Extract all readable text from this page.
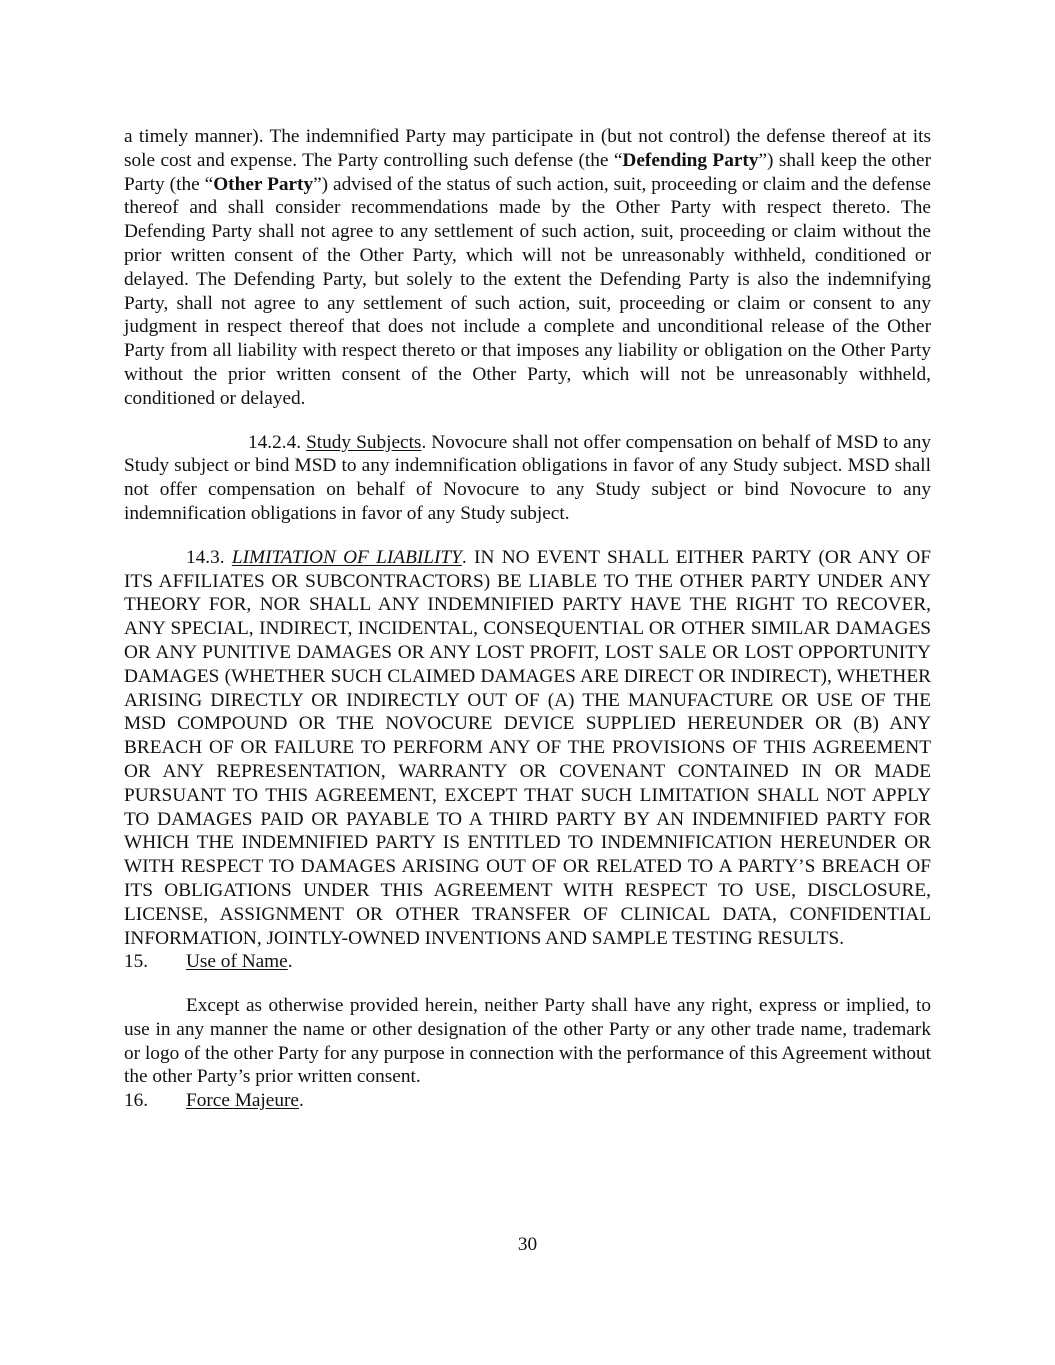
a timely manner). The indemnified Party may participate in (but not control) the defense thereof at its sole cost and expense. The Party controlling such defense (the “Defending Party”) shall keep the other Party (the “Other Party”) advised of the status of such action, suit, proceeding or claim and the defense thereof and shall consider recommendations made by the Other Party with respect thereto. The Defending Party shall not agree to any settlement of such action, suit, proceeding or claim without the prior written consent of the Other Party, which will not be unreasonably withheld, conditioned or delayed. The Defending Party, but solely to the extent the Defending Party is also the indemnifying Party, shall not agree to any settlement of such action, suit, proceeding or claim or consent to any judgment in respect thereof that does not include a complete and unconditional release of the Other Party from all liability with respect thereto or that imposes any liability or obligation on the Other Party without the prior written consent of the Other Party, which will not be unreasonably withheld, conditioned or delayed.

14.2.4. Study Subjects. Novocure shall not offer compensation on behalf of MSD to any Study subject or bind MSD to any indemnification obligations in favor of any Study subject. MSD shall not offer compensation on behalf of Novocure to any Study subject or bind Novocure to any indemnification obligations in favor of any Study subject.

14.3. LIMITATION OF LIABILITY. IN NO EVENT SHALL EITHER PARTY (OR ANY OF ITS AFFILIATES OR SUBCONTRACTORS) BE LIABLE TO THE OTHER PARTY UNDER ANY THEORY FOR, NOR SHALL ANY INDEMNIFIED PARTY HAVE THE RIGHT TO RECOVER, ANY SPECIAL, INDIRECT, INCIDENTAL, CONSEQUENTIAL OR OTHER SIMILAR DAMAGES OR ANY PUNITIVE DAMAGES OR ANY LOST PROFIT, LOST SALE OR LOST OPPORTUNITY DAMAGES (WHETHER SUCH CLAIMED DAMAGES ARE DIRECT OR INDIRECT), WHETHER ARISING DIRECTLY OR INDIRECTLY OUT OF (A) THE MANUFACTURE OR USE OF THE MSD COMPOUND OR THE NOVOCURE DEVICE SUPPLIED HEREUNDER OR (B) ANY BREACH OF OR FAILURE TO PERFORM ANY OF THE PROVISIONS OF THIS AGREEMENT OR ANY REPRESENTATION, WARRANTY OR COVENANT CONTAINED IN OR MADE PURSUANT TO THIS AGREEMENT, EXCEPT THAT SUCH LIMITATION SHALL NOT APPLY TO DAMAGES PAID OR PAYABLE TO A THIRD PARTY BY AN INDEMNIFIED PARTY FOR WHICH THE INDEMNIFIED PARTY IS ENTITLED TO INDEMNIFICATION HEREUNDER OR WITH RESPECT TO DAMAGES ARISING OUT OF OR RELATED TO A PARTY’S BREACH OF ITS OBLIGATIONS UNDER THIS AGREEMENT WITH RESPECT TO USE, DISCLOSURE, LICENSE, ASSIGNMENT OR OTHER TRANSFER OF CLINICAL DATA, CONFIDENTIAL INFORMATION, JOINTLY-OWNED INVENTIONS AND SAMPLE TESTING RESULTS.

15.	Use of Name.

Except as otherwise provided herein, neither Party shall have any right, express or implied, to use in any manner the name or other designation of the other Party or any other trade name, trademark or logo of the other Party for any purpose in connection with the performance of this Agreement without the other Party’s prior written consent.

16.	Force Majeure.
30
